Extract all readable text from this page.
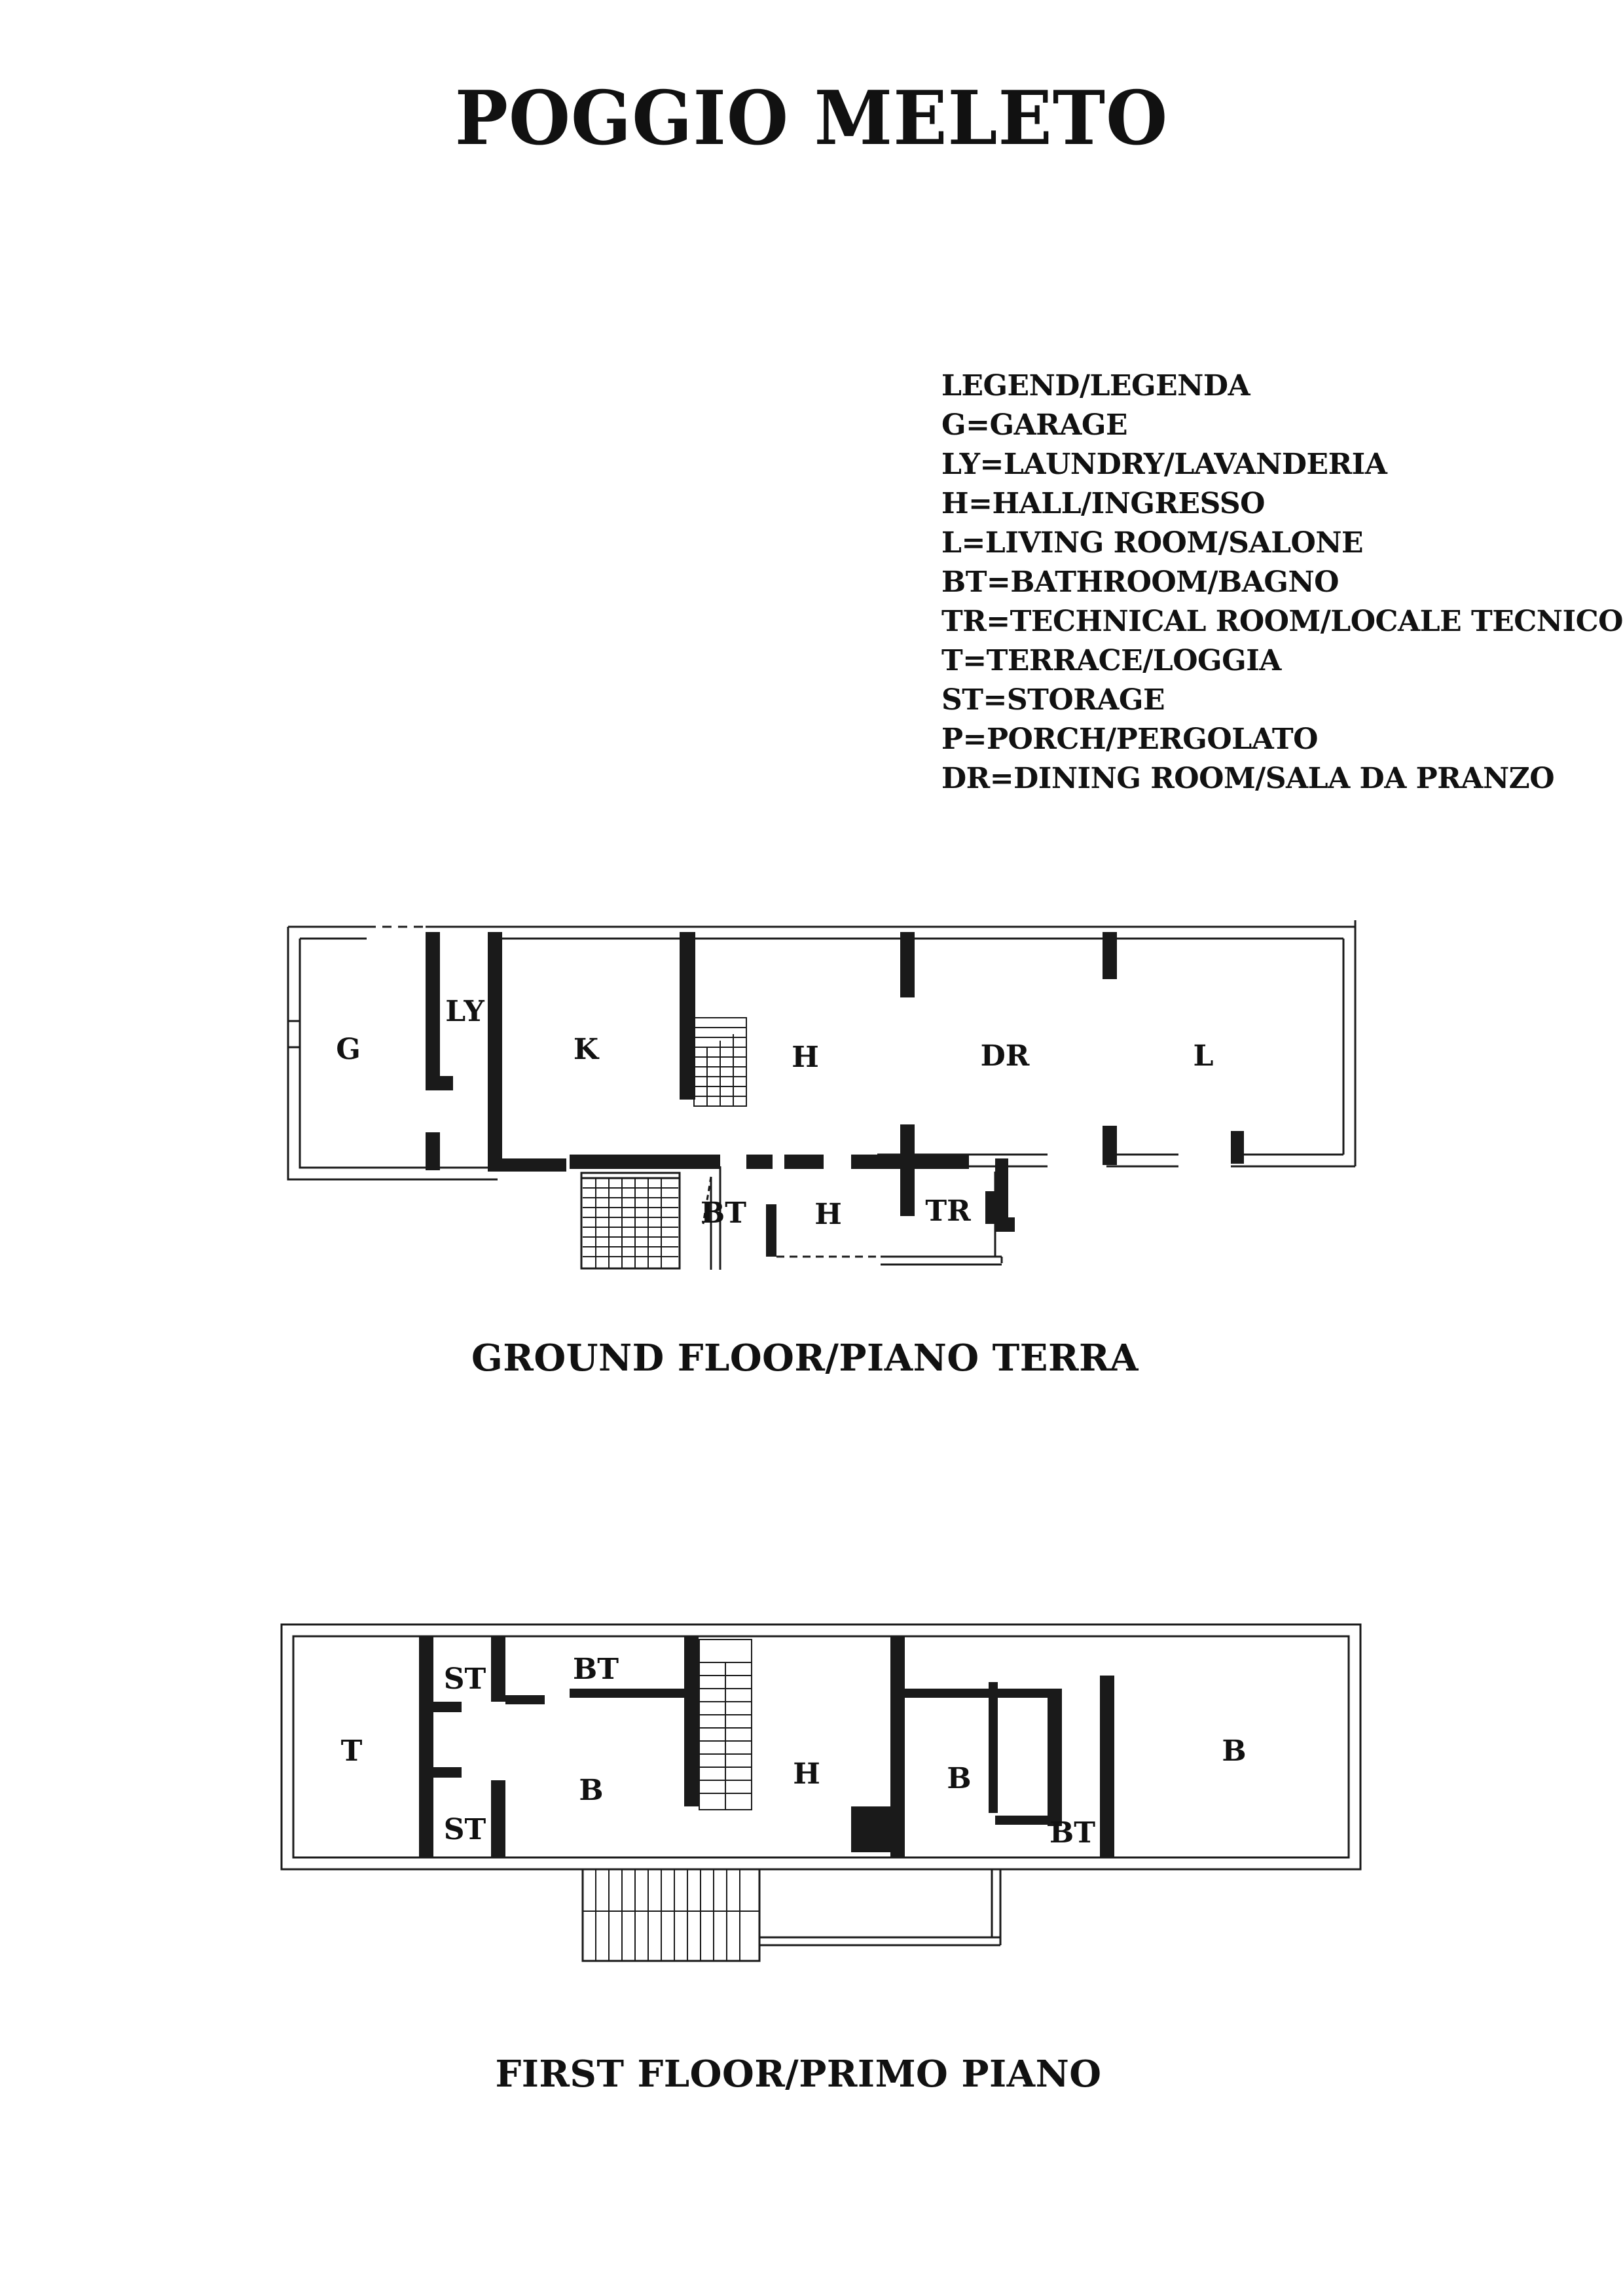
POGGIO MELETO
LEGEND/LEGENDA
G=GARAGE
LY=LAUNDRY/LAVANDERIA
H=HALL/INGRESSO
L=LIVING ROOM/SALONE
BT=BATHROOM/BAGNO
TR=TECHNICAL ROOM/LOCALE TECNICO
T=TERRACE/LOGGIA
ST=STORAGE
P=PORCH/PERGOLATO
DR=DINING ROOM/SALA DA PRANZO
G
LY
K	H	DR	L
BT H	TR
GROUND FLOOR/PIANO TERRA
T
ST	BT
ST
B	H	B
BT
B
FIRST FLOOR/PRIMO PIANO
